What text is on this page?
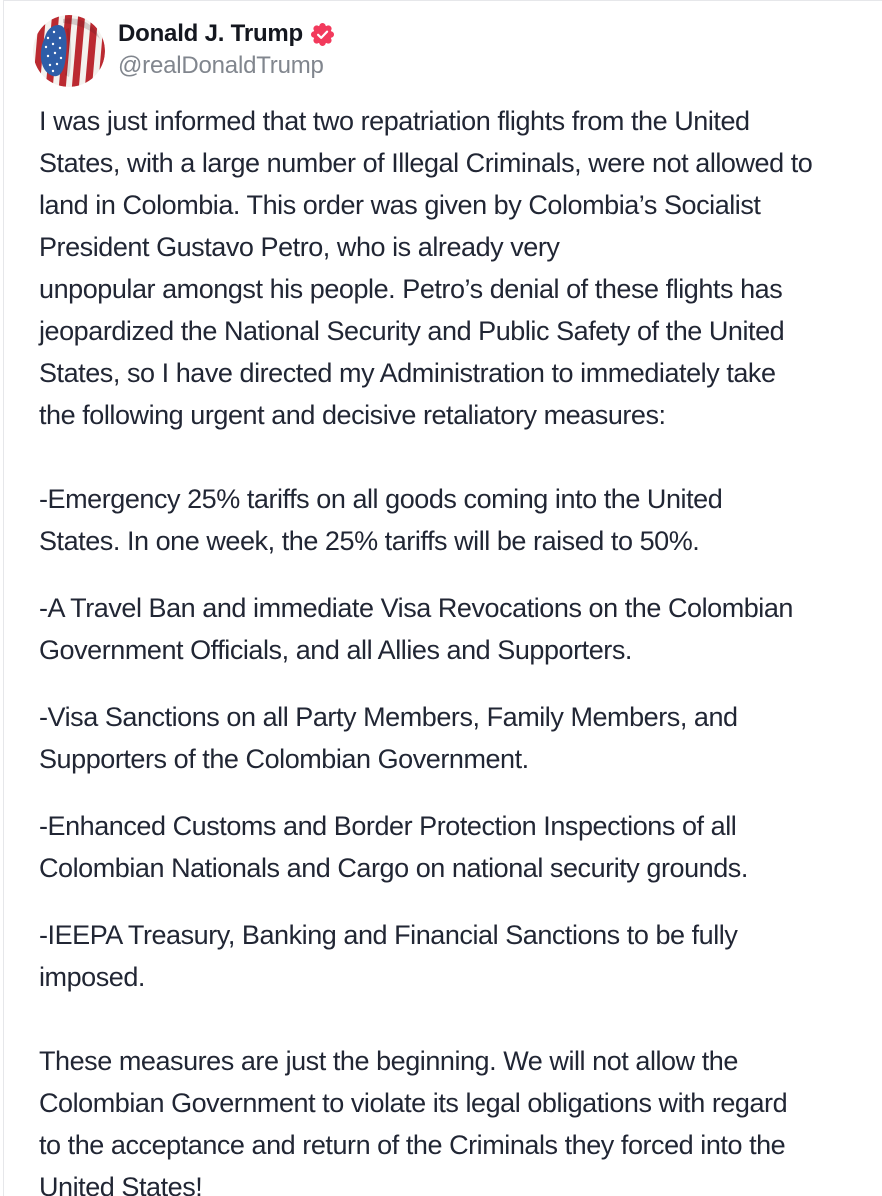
Donald J. Trump
@realDonaldTrump

I was just informed that two repatriation flights from the United
States, with a large number of Illegal Criminals, were not allowed to
land in Colombia. This order was given by Colombia’s Socialist
President Gustavo Petro, who is already very
unpopular amongst his people. Petro’s denial of these flights has
jeopardized the National Security and Public Safety of the United
States, so I have directed my Administration to immediately take
the following urgent and decisive retaliatory measures:

-Emergency 25% tariffs on all goods coming into the United
States. In one week, the 25% tariffs will be raised to 50%.

-A Travel Ban and immediate Visa Revocations on the Colombian
Government Officials, and all Allies and Supporters.

-Visa Sanctions on all Party Members, Family Members, and
Supporters of the Colombian Government.

-Enhanced Customs and Border Protection Inspections of all
Colombian Nationals and Cargo on national security grounds.

-IEEPA Treasury, Banking and Financial Sanctions to be fully
imposed.

These measures are just the beginning. We will not allow the
Colombian Government to violate its legal obligations with regard
to the acceptance and return of the Criminals they forced into the
United States!
